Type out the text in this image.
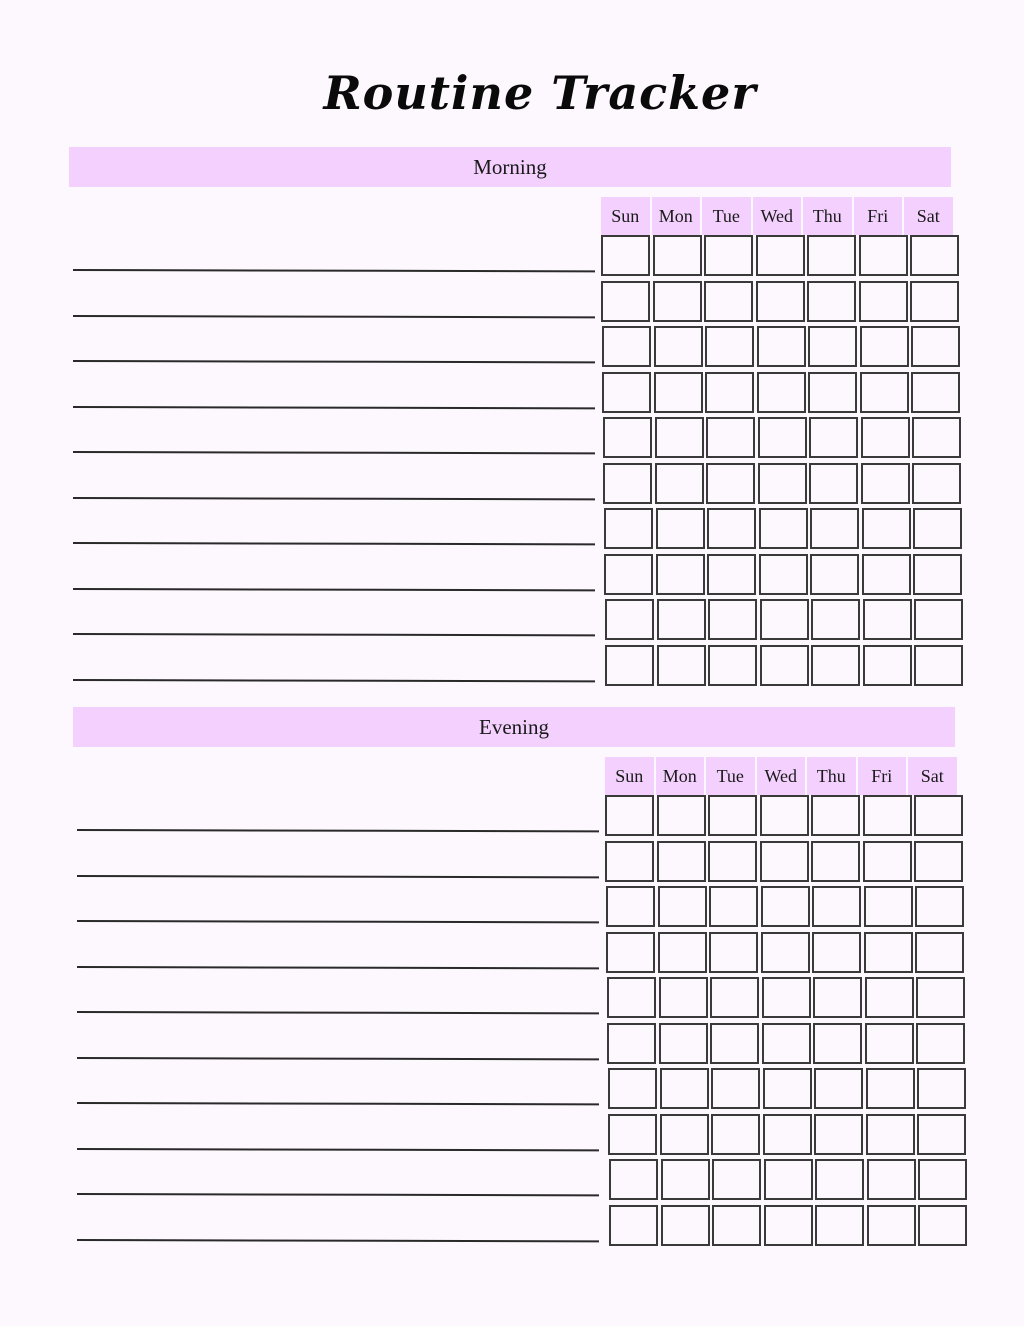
Routine Tracker
Morning
Sun	Mon	Tue	Wed	Thu	Fri	Sat
Evening
Sun	Mon	Tue	Wed	Thu	Fri	Sat
